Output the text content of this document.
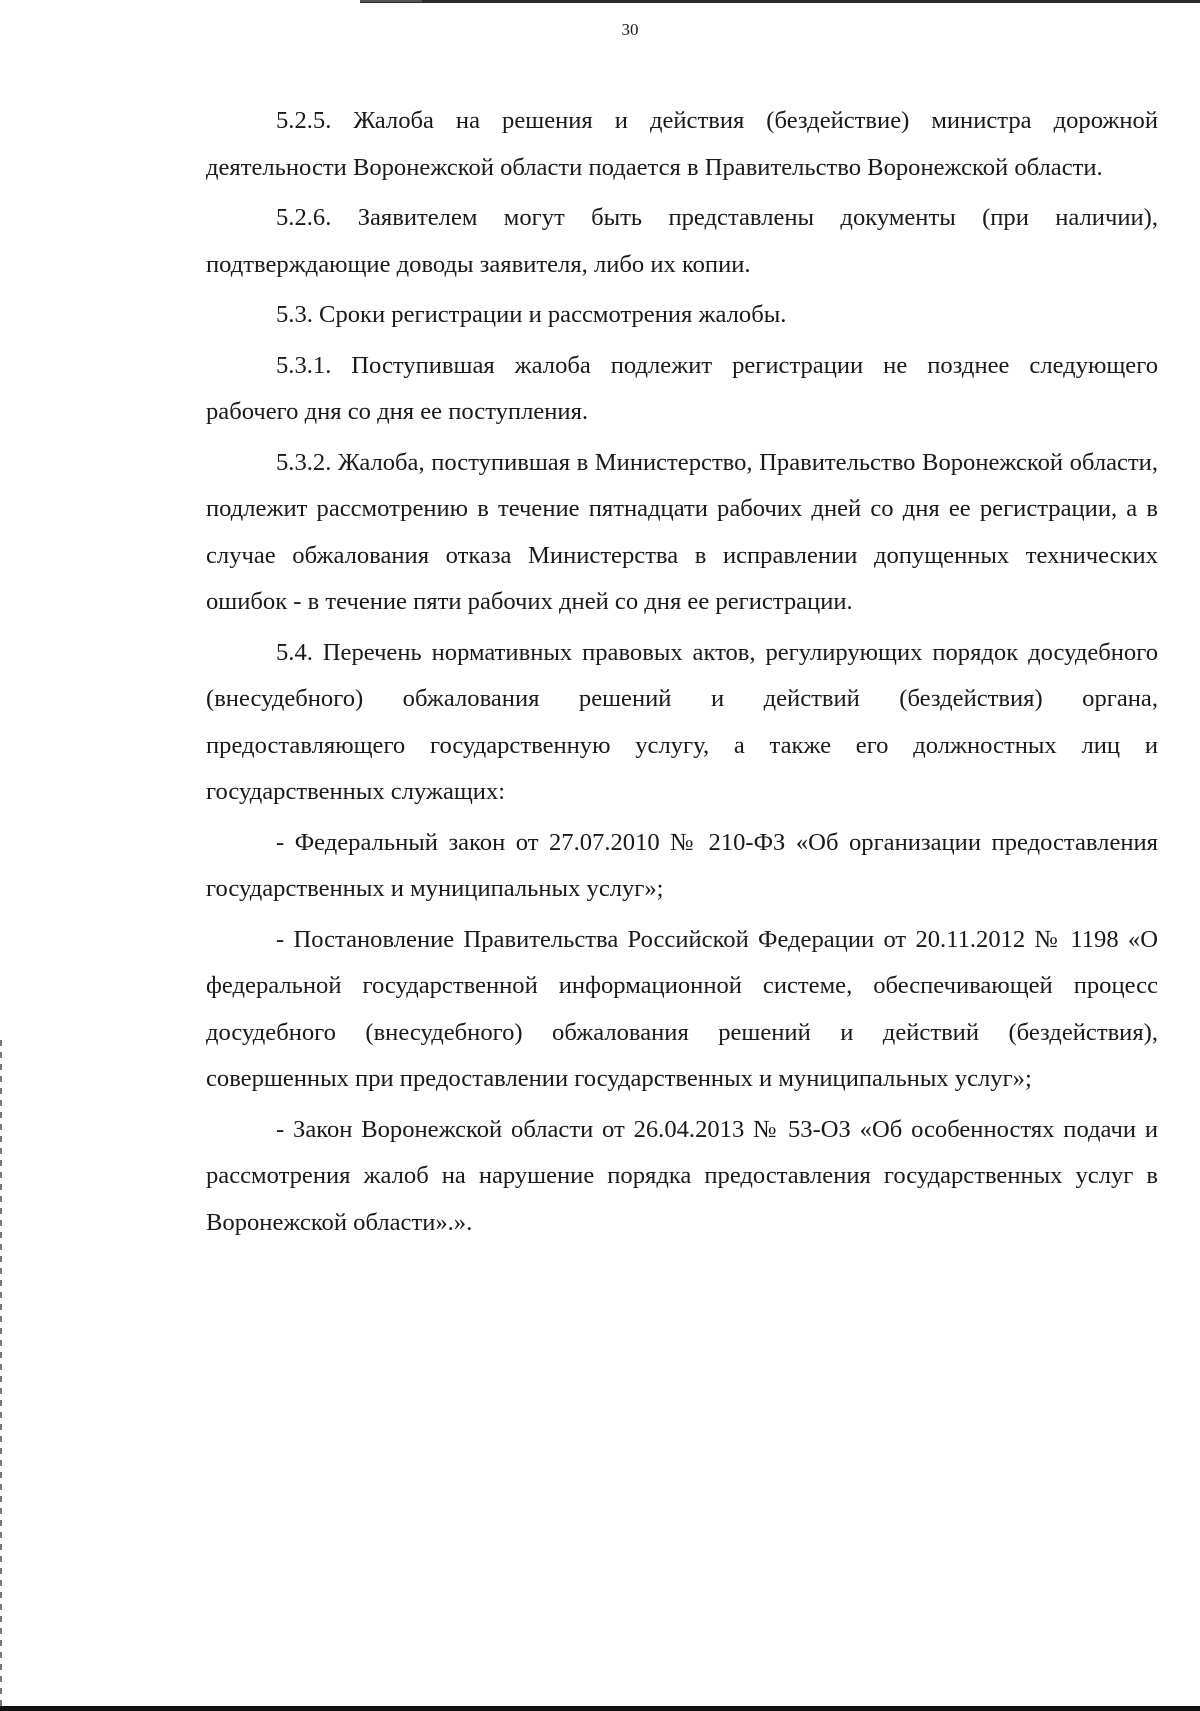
30

5.2.5. Жалоба на решения и действия (бездействие) министра дорожной деятельности Воронежской области подается в Правительство Воронежской области.

5.2.6. Заявителем могут быть представлены документы (при наличии), подтверждающие доводы заявителя, либо их копии.

5.3. Сроки регистрации и рассмотрения жалобы.

5.3.1. Поступившая жалоба подлежит регистрации не позднее следующего рабочего дня со дня ее поступления.

5.3.2. Жалоба, поступившая в Министерство, Правительство Воронежской области, подлежит рассмотрению в течение пятнадцати рабочих дней со дня ее регистрации, а в случае обжалования отказа Министерства в исправлении допущенных технических ошибок - в течение пяти рабочих дней со дня ее регистрации.

5.4. Перечень нормативных правовых актов, регулирующих порядок досудебного (внесудебного) обжалования решений и действий (бездействия) органа, предоставляющего государственную услугу, а также его должностных лиц и государственных служащих:

- Федеральный закон от 27.07.2010 № 210-ФЗ «Об организации предоставления государственных и муниципальных услуг»;

- Постановление Правительства Российской Федерации от 20.11.2012 № 1198 «О федеральной государственной информационной системе, обеспечивающей процесс досудебного (внесудебного) обжалования решений и действий (бездействия), совершенных при предоставлении государственных и муниципальных услуг»;

- Закон Воронежской области от 26.04.2013 № 53-ОЗ «Об особенностях подачи и рассмотрения жалоб на нарушение порядка предоставления государственных услуг в Воронежской области».».
